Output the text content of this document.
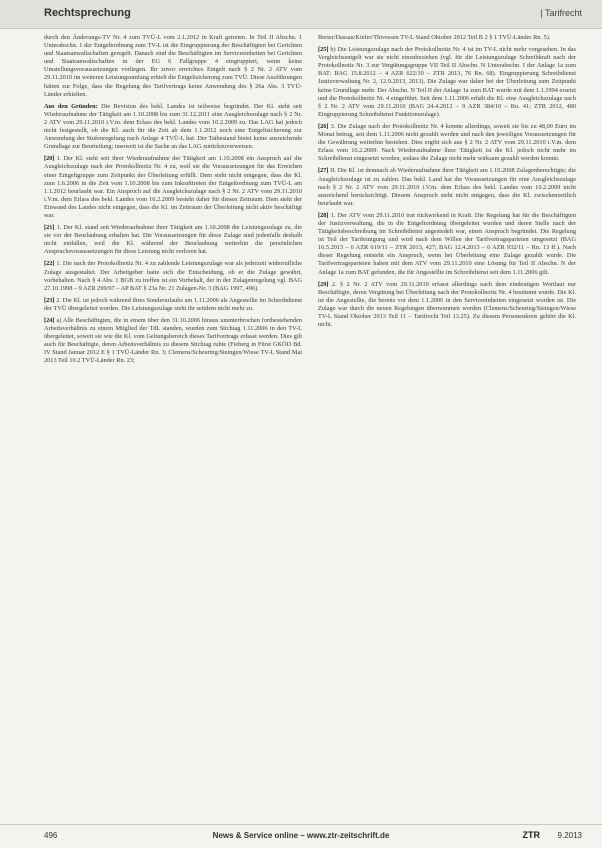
Rechtsprechung	| Tarifrecht

durch den Änderungs-TV Nr. 4 zum TVÜ-L vom 2.1.2012 in Kraft getreten. In Teil II Abschn. 1 Unterabschn. 1 der Entgeltordnung zum TV-L ist die Eingruppierung der Beschäftigten bei Gerichten und Staatsanwaltschaften geregelt. Danach sind die Beschäftigten im Serviceeinheiten bei Gerichten und Staatsanwaltschaften in der EG 6 Fallgruppe 4 eingruppiert, wenn keine Umstellungsvoraussetzungen vorliegen. Ihr zuvor erreichtes Entgelt nach § 2 Nr. 2 ATV vom 29.11.2010 im weiteren Leistungsumfang erhielt die Entgeltsicherung zum TVÜ. Diese Ausführungen hätten zur Folge, dass die Regelung des Tarifvertrags keine Anwendung des § 26a Abs. 3 TVÜ-Länder erhielten.

Aus den Gründen: Die Revision des bekl. Landes ist teilweise begründet. Der Kl. steht seit Wiederaufnahme der Tätigkeit am 1.10.2008 bis zum 31.12.2011 eine Ausgleichszulage nach § 2 Nr. 2 ATV vom 29.11.2010 i.V.m. dem Erlass des bekl. Landes vom 10.2.2009 zu. Das LAG hat jedoch nicht festgestellt, ob die Kl. auch für die Zeit ab dem 1.1.2012 noch eine Entgeltsicherung zur Anwendung der Stufenregelung nach Anlage 4 TVÜ-L hat. Der Tatbestand bietet keine ausreichende Grundlage zur Beurteilung; insoweit ist die Sache an das LAG zurückzuverweisen.

[20] I. Der Kl. steht seit ihrer Wiederaufnahme der Tätigkeit am 1.10.2008 ein Anspruch auf die Ausgleichszulage nach der Protokollnotiz Nr. 4 zu, weil sie die Voraussetzungen für das Erreichen einer Entgeltgruppe zum Zeitpunkt der Überleitung erfüllt. Dem steht nicht entgegen, dass die Kl. zum 1.6.2006 in die Zeit vom 1.10.2008 bis zum Inkrafttreten der Entgeltordnung zum TVÜ-L am 1.1.2012 beurlaubt war. Ein Anspruch auf die Ausgleichszulage nach § 2 Nr. 2 ATV vom 29.11.2010 i.V.m. dem Erlass des bekl. Landes vom 10.2.2009 besteht daher für diesen Zeitraum. Dem steht der Einwand des Landes nicht entgegen, dass die Kl. im Zeitraum der Überleitung nicht aktiv beschäftigt war.

[21] 1. Der Kl. stand seit Wiederaufnahme ihrer Tätigkeit am 1.10.2008 die Leistungszulage zu, die sie vor der Beurlaubung erhalten hat. Die Voraussetzungen für diese Zulage sind jedenfalls deshalb nicht entfallen, weil die Kl. während der Beurlaubung weiterhin die persönlichen Anspruchsvoraussetzungen für diese Leistung nicht verloren hat.

[22] 1. Die nach der Protokollnotiz Nr. 4 zu zahlende Leistungszulage war als jederzeit widerrufliche Zulage ausgestaltet. Der Arbeitgeber hatte sich die Entscheidung, ob er die Zulage gewährt, vorbehalten. Nach § 4 Abs. 1 BGB zu treffen ist ein Vorbehalt, der in der Zulagenregelung vgl. BAG 27.10.1998 – 9 AZR 299/97 – AP BAT § 23a Nr. 21 Zulagen-Nr. 3 (BAG 1997, 496).

[23] 2. Die Kl. ist jedoch während ihres Sonderurlaubs am 1.11.2006 als Angestellte im Schreibdienst der TVÜ übergeleitet worden. Die Leistungszulage steht ihr seitdem nicht mehr zu.

[24] a) Alle Beschäftigten, die in einem über den 31.10.2006 hinaus ununterbrochen fortbestehenden Arbeitsverhältnis zu einem Mitglied der TdL standen, wurden zum Stichtag 1.11.2006 in den TV-L übergeleitet, soweit sie wie die Kl. vom Geltungsbereich dieses Tarifvertrags erfasst werden. Dies gilt auch für Beschäftigte, deren Arbeitsverhältnis zu diesem Stichtag ruhte (Fieberg in Fürst GKÖD Bd. IV Stand Januar 2012 E § 1 TVÜ-Länder Rn. 3; Clemens/Scheuring/Steingen/Wiese TV-L Stand Mai 2013 Teil 10.2 TVÜ-Länder Rn. 23;

Breier/Dassau/Kiefer/Thivessen TV-L Stand Oktober 2012 Teil B 2 § 1 TVÜ-Länder Rn. 5).

[25] b) Die Leistungszulage nach der Protokollnotiz Nr. 4 ist im TV-L nicht mehr vorgesehen. In das Vergleichsentgelt war sie nicht einzubeziehen (vgl. für die Leistungszulage Schreibkraft nach der Protokollnotiz Nr. 3 zur Vergütungsgruppe VII Teil II Abschn. N Unterabschn. I der Anlage 1a zum BAT: BAG 15.8.2012 – 4 AZR 622/10 – ZTR 2013, 76 Rn. 68). Eingruppierung Schreibdienst Justizverwaltung Nr. 2, 12.9.2013, 2013). Die Zulage war daher bei der Überleitung zum Zeitpunkt keine Grundlage mehr. Der Abschn. N Teil II der Anlage 1a zum BAT wurde mit dem 1.1.1994 ersetzt und die Protokollnotiz Nr. 4 eingeführt. Seit dem 1.11.2006 erhält die Kl. eine Ausgleichszulage nach § 2 Nr. 2 ATV vom 29.11.2010 (BAG 24.4.2012 – 9 AZR 384/10 – Rn. 41; ZTR 2012, 480 Eingruppierung Schreibdienst Funktionszulage).

[26] 3. Die Zulage nach der Protokollnotiz Nr. 4 konnte allerdings, soweit sie bis zu 48,00 Euro im Monat betrug, seit dem 1.11.2006 nicht gezahlt werden und nach den jeweiligen Voraussetzungen für die Gewährung weiterhin bestehen. Dies ergibt sich aus § 2 Nr. 2 ATV vom 29.11.2010 i.V.m. dem Erlass vom 10.2.2009. Nach Wiederaufnahme ihrer Tätigkeit ist die Kl. jedoch nicht mehr im Schreibdienst eingesetzt worden, sodass die Zulage nicht mehr wirksam gezahlt werden konnte.

[27] II. Die Kl. ist demnach ab Wiederaufnahme ihrer Tätigkeit am 1.10.2008 Zulagenberechtigte; die Ausgleichszulage ist zu zahlen. Das bekl. Land hat die Voraussetzungen für eine Ausgleichszulage nach § 2 Nr. 2 ATV vom 29.11.2010 i.V.m. dem Erlass des bekl. Landes vom 10.2.2009 nicht ausreichend berücksichtigt. Diesem Anspruch steht nicht entgegen, dass die Kl. zwischenzeitlich beurlaubt war.

[28] 1. Der ATV vom 29.11.2010 trat rückwirkend in Kraft. Die Regelung hat für die Beschäftigten der Justizverwaltung, die in die Entgeltordnung übergeleitet wurden und deren Stelle nach der Tätigkeitsbeschreibung im Schreibdienst angesiedelt war, einen Anspruch begründet. Die Regelung ist Teil der Tarifeinigung und wird nach dem Willen der Tarifvertragsparteien umgesetzt (BAG 16.5.2013 – 6 AZR 619/11 – ZTR 2013, 427; BAG 12.4.2013 – 6 AZR 932/11 – Rn. 13 ff.). Nach dieser Regelung entsteht ein Anspruch, wenn bei Überleitung eine Zulage gezahlt wurde. Die Tarifvertragsparteien haben mit dem ATV vom 29.11.2010 eine Lösung für Teil II Abschn. N der Anlage 1a zum BAT gefunden, die für Angestellte im Schreibdienst seit dem 1.11.2006 gilt.

[29] 2. § 2 Nr. 2 ATV vom 29.11.2010 erfasst allerdings nach dem eindeutigen Wortlaut nur Beschäftigte, deren Vergütung bei Überleitung nach der Protokollnotiz Nr. 4 bestimmt wurde. Die Kl. ist die Angestellte, die bereits vor dem 1.1.2006 in den Serviceeinheiten eingesetzt worden ist. Die Zulage war durch die neuen Regelungen übernommen worden (Clemens/Scheuring/Steingen/Wiese TV-L Stand Oktober 2013 Teil 11 – Tarifrecht Teil 13.25). Zu diesem Personenkreis gehört die Kl. nicht.

496	News & Service online – www.ztr-zeitschrift.de	ZTR 9.2013
